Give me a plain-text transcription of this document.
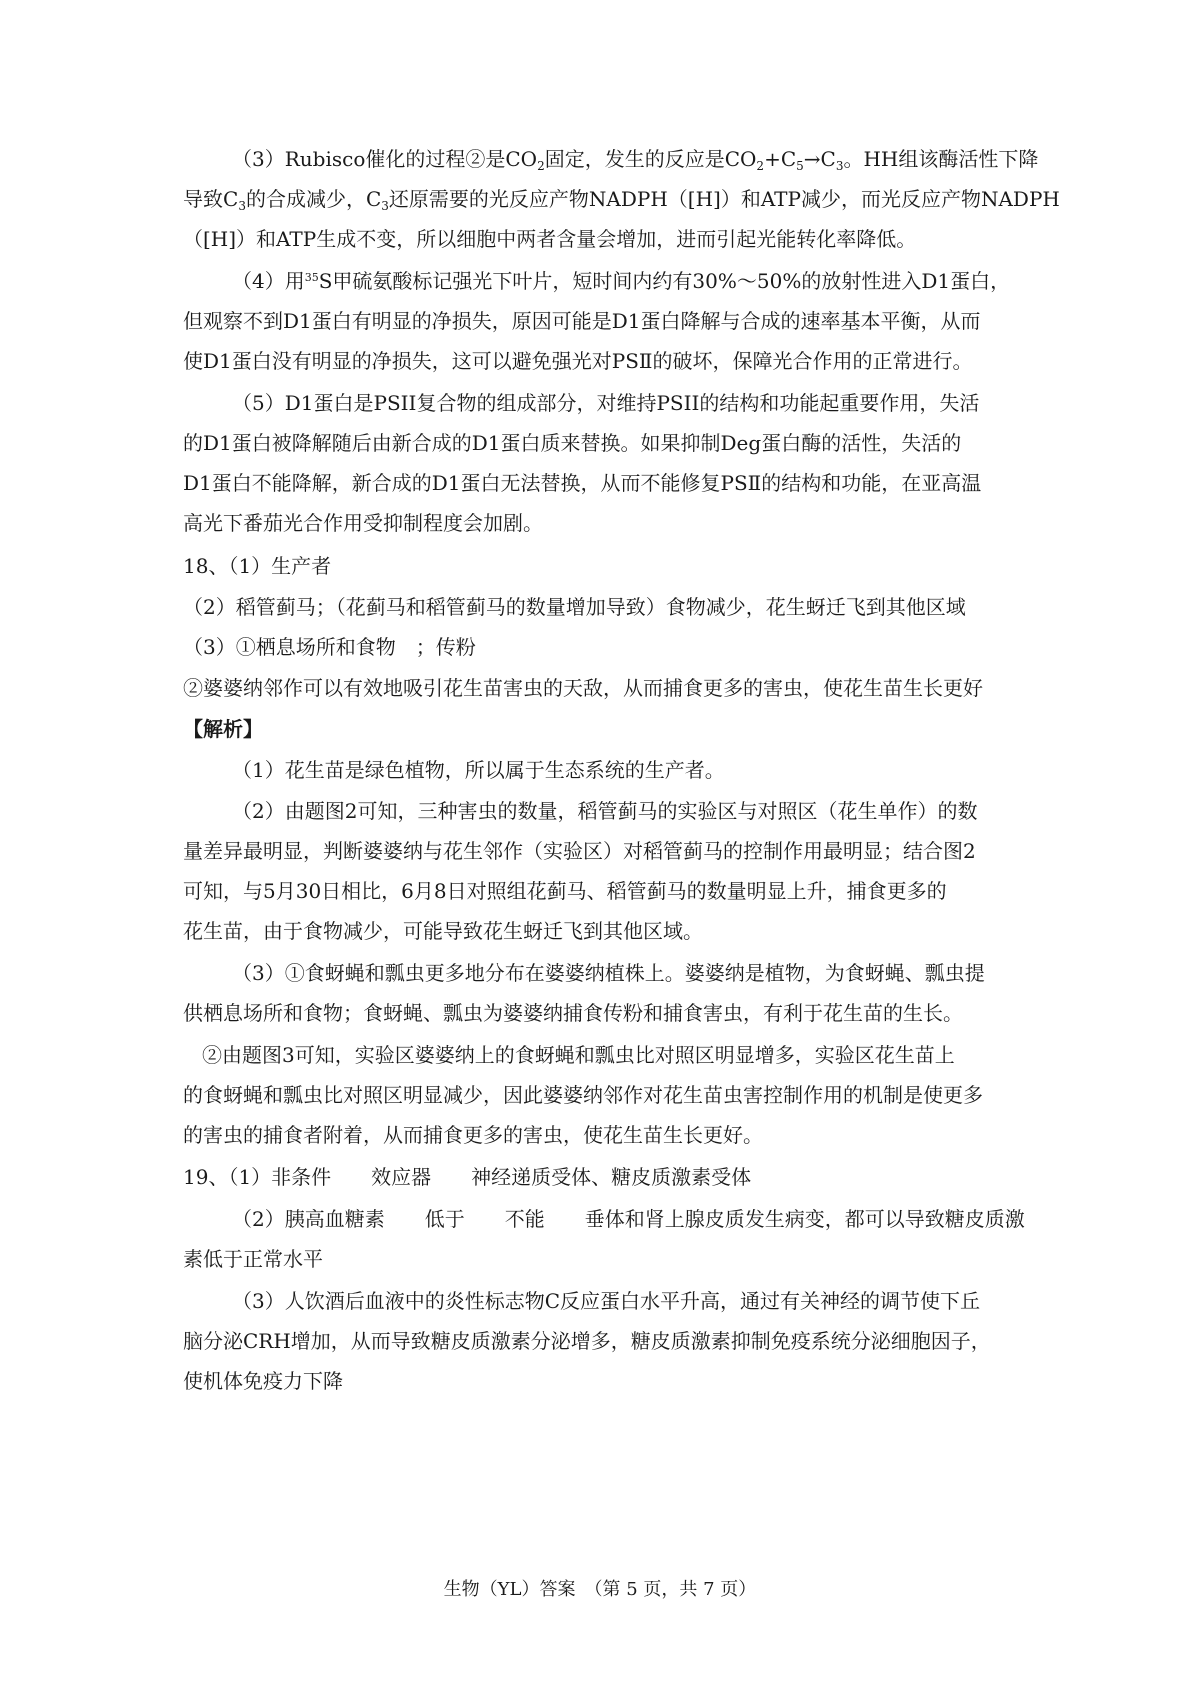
（3）Rubisco催化的过程②是$CO_2$固定，发生的反应是$CO_2+C_5\to C_3$。HH组该酶活性下降
导致$C_3$的合成减少，$C_3$还原需要的光反应产物NADPH（[H]）和ATP减少，而光反应产物NADPH
（[H]）和ATP生成不变，所以细胞中两者含量会增加，进而引起光能转化率降低。
（4）用$^{35}$S甲硫氨酸标记强光下叶片，短时间内约有30%～50%的放射性进入D1蛋白，
但观察不到D1蛋白有明显的净损失，原因可能是D1蛋白降解与合成的速率基本平衡，从而
使D1蛋白没有明显的净损失，这可以避免强光对PSⅡ的破坏，保障光合作用的正常进行。
（5）D1蛋白是PSII复合物的组成部分，对维持PSII的结构和功能起重要作用，失活
的D1蛋白被降解随后由新合成的D1蛋白质来替换。如果抑制Deg蛋白酶的活性，失活的
D1蛋白不能降解，新合成的D1蛋白无法替换，从而不能修复PSⅡ的结构和功能，在亚高温
高光下番茄光合作用受抑制程度会加剧。
18、（1）生产者
（2）稻管蓟马；（花蓟马和稻管蓟马的数量增加导致）食物减少，花生蚜迁飞到其他区域
（3）①栖息场所和食物　；传粉
②婆婆纳邻作可以有效地吸引花生苗害虫的天敌，从而捕食更多的害虫，使花生苗生长更好
【解析】
（1）花生苗是绿色植物，所以属于生态系统的生产者。
（2）由题图2可知，三种害虫的数量，稻管蓟马的实验区与对照区（花生单作）的数
量差异最明显，判断婆婆纳与花生邻作（实验区）对稻管蓟马的控制作用最明显；结合图2
可知，与5月30日相比，6月8日对照组花蓟马、稻管蓟马的数量明显上升，捕食更多的
花生苗，由于食物减少，可能导致花生蚜迁飞到其他区域。
（3）①食蚜蝇和瓢虫更多地分布在婆婆纳植株上。婆婆纳是植物，为食蚜蝇、瓢虫提
供栖息场所和食物；食蚜蝇、瓢虫为婆婆纳捕食传粉和捕食害虫，有利于花生苗的生长。
②由题图3可知，实验区婆婆纳上的食蚜蝇和瓢虫比对照区明显增多，实验区花生苗上
的食蚜蝇和瓢虫比对照区明显减少，因此婆婆纳邻作对花生苗虫害控制作用的机制是使更多
的害虫的捕食者附着，从而捕食更多的害虫，使花生苗生长更好。
19、（1）非条件　　效应器　　神经递质受体、糖皮质激素受体
（2）胰高血糖素　　低于　　不能　　垂体和肾上腺皮质发生病变，都可以导致糖皮质激
素低于正常水平
（3）人饮酒后血液中的炎性标志物C反应蛋白水平升高，通过有关神经的调节使下丘
脑分泌CRH增加，从而导致糖皮质激素分泌增多，糖皮质激素抑制免疫系统分泌细胞因子，
使机体免疫力下降
生物（YL）答案　（第 5 页，共 7 页）
